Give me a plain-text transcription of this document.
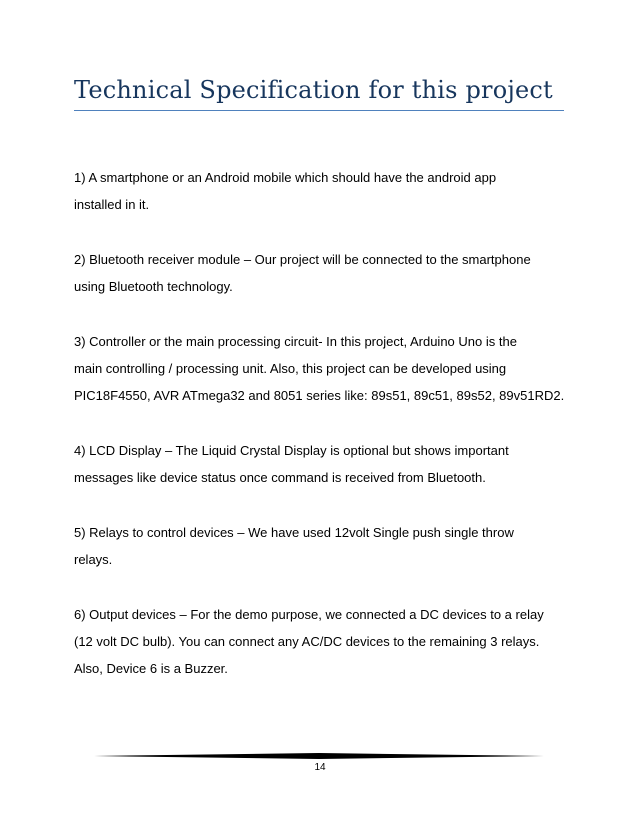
Technical Specification for this project

1) A smartphone or an Android mobile which should have the android app
installed in it.

2) Bluetooth receiver module – Our project will be connected to the smartphone
using Bluetooth technology.

3) Controller or the main processing circuit- In this project, Arduino Uno is the
main controlling / processing unit. Also, this project can be developed using
PIC18F4550, AVR ATmega32 and 8051 series like: 89s51, 89c51, 89s52, 89v51RD2.

4) LCD Display – The Liquid Crystal Display is optional but shows important
messages like device status once command is received from Bluetooth.

5) Relays to control devices – We have used 12volt Single push single throw
relays.

6) Output devices – For the demo purpose, we connected a DC devices to a relay
(12 volt DC bulb). You can connect any AC/DC devices to the remaining 3 relays.
Also, Device 6 is a Buzzer.

14
